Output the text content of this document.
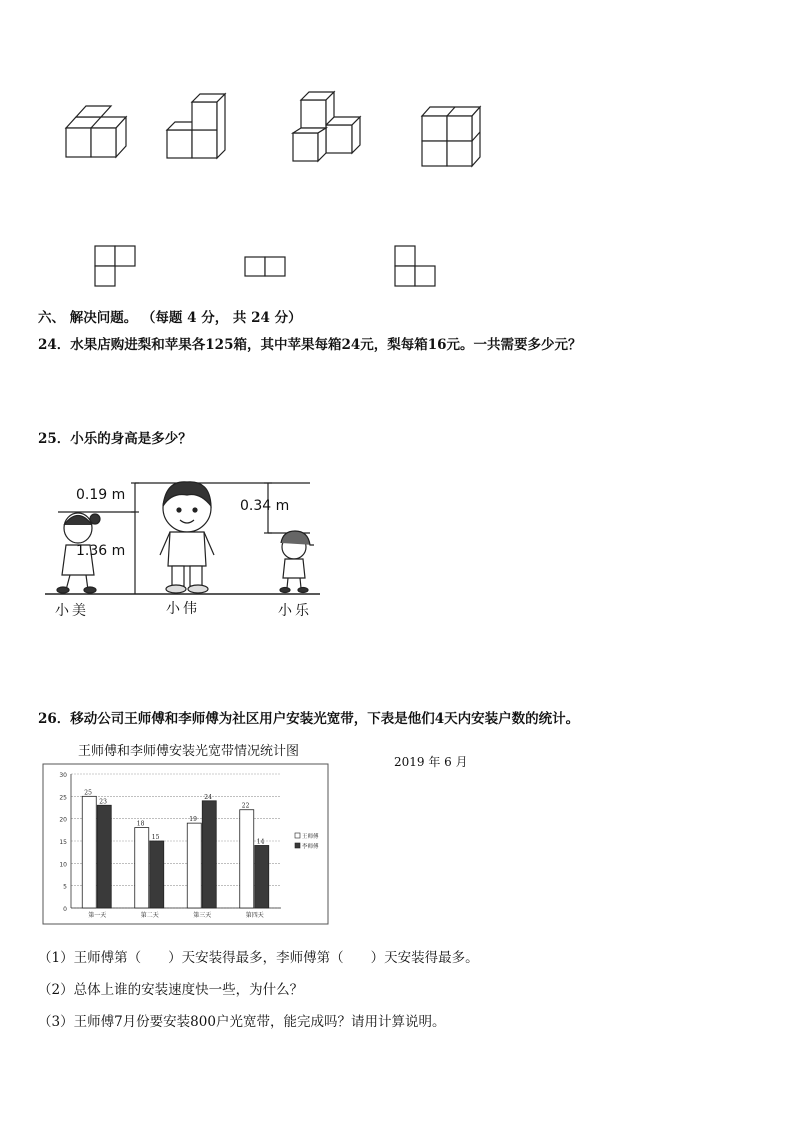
六、 解决问题。 （每题 4 分， 共 24 分）
24．水果店购进梨和苹果各125箱，其中苹果每箱24元，梨每箱16元。一共需要多少元？
25．小乐的身高是多少？
0.19 m
1.36 m
0.34 m
小美	小伟	小乐
26．移动公司王师傅和李师傅为社区用户安装光宽带，下表是他们4天内安装户数的统计。
王师傅和李师傅安装光宽带情况统计图
2019 年 6 月
0
5
10
15
20
25
30
25
23
第一天
18
15
第二天
19
24
第三天
22
14
第四天
王师傅
李师傅
（1）王师傅第（　　）天安装得最多，李师傅第（　　）天安装得最多。
（2）总体上谁的安装速度快一些，为什么？
（3）王师傅7月份要安装800户光宽带，能完成吗？请用计算说明。
